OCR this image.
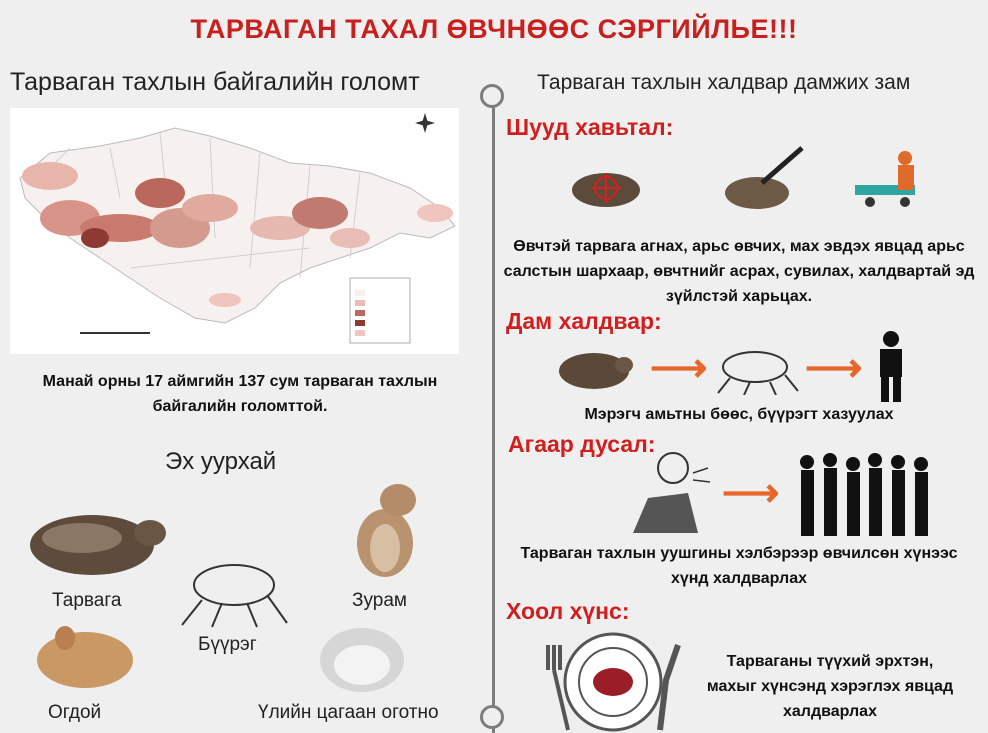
ТАРВАГАН ТАХАЛ ӨВЧНӨӨС СЭРГИЙЛЬЕ!!!
Тарваган тахлын байгалийн голомт	Тарваган тахлын халдвар дамжих зам
Манай орны 17 аймгийн 137 сум тарваган тахлын байгалийн голомттой.
Эх уурхай
Тарвага	Зурам
Бүүрэг
Огдой	Үлийн цагаан оготно
Шууд хавьтал:
Өвчтэй тарвага агнах, арьс өвчих, мах эвдэх явцад арьс салстын шархаар, өвчтнийг асрах, сувилах, халдвартай эд зүйлстэй харьцах.
Дам халдвар:
⟶ ⟶
Мэрэгч амьтны бөөс, бүүрэгт хазуулах
Агаар дусал:
⟶
Тарваган тахлын уушгины хэлбэрээр өвчилсөн хүнээс хүнд халдварлах
Хоол хүнс:
Тарваганы түүхий эрхтэн, махыг хүнсэнд хэрэглэх явцад халдварлах
